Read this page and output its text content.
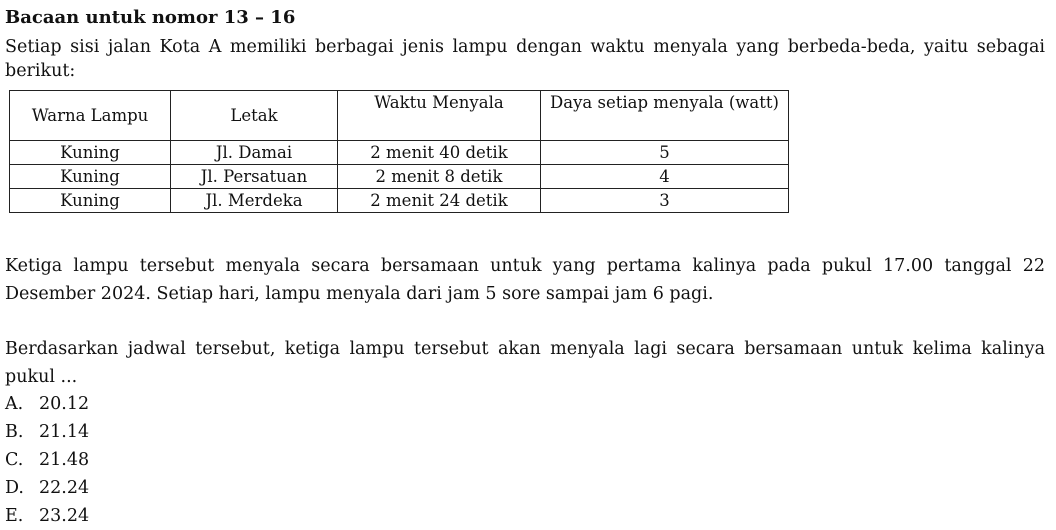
Bacaan untuk nomor 13 – 16
Setiap sisi jalan Kota A memiliki berbagai jenis lampu dengan waktu menyala yang berbeda-beda, yaitu sebagai berikut:
Warna Lampu	Letak	Waktu Menyala	Daya setiap menyala (watt)
Kuning	Jl. Damai	2 menit 40 detik	5
Kuning	Jl. Persatuan	2 menit 8 detik	4
Kuning	Jl. Merdeka	2 menit 24 detik	3
Ketiga lampu tersebut menyala secara bersamaan untuk yang pertama kalinya pada pukul 17.00 tanggal 22 Desember 2024. Setiap hari, lampu menyala dari jam 5 sore sampai jam 6 pagi.
Berdasarkan jadwal tersebut, ketiga lampu tersebut akan menyala lagi secara bersamaan untuk kelima kalinya pukul ...
A. 20.12
B. 21.14
C. 21.48
D. 22.24
E. 23.24
